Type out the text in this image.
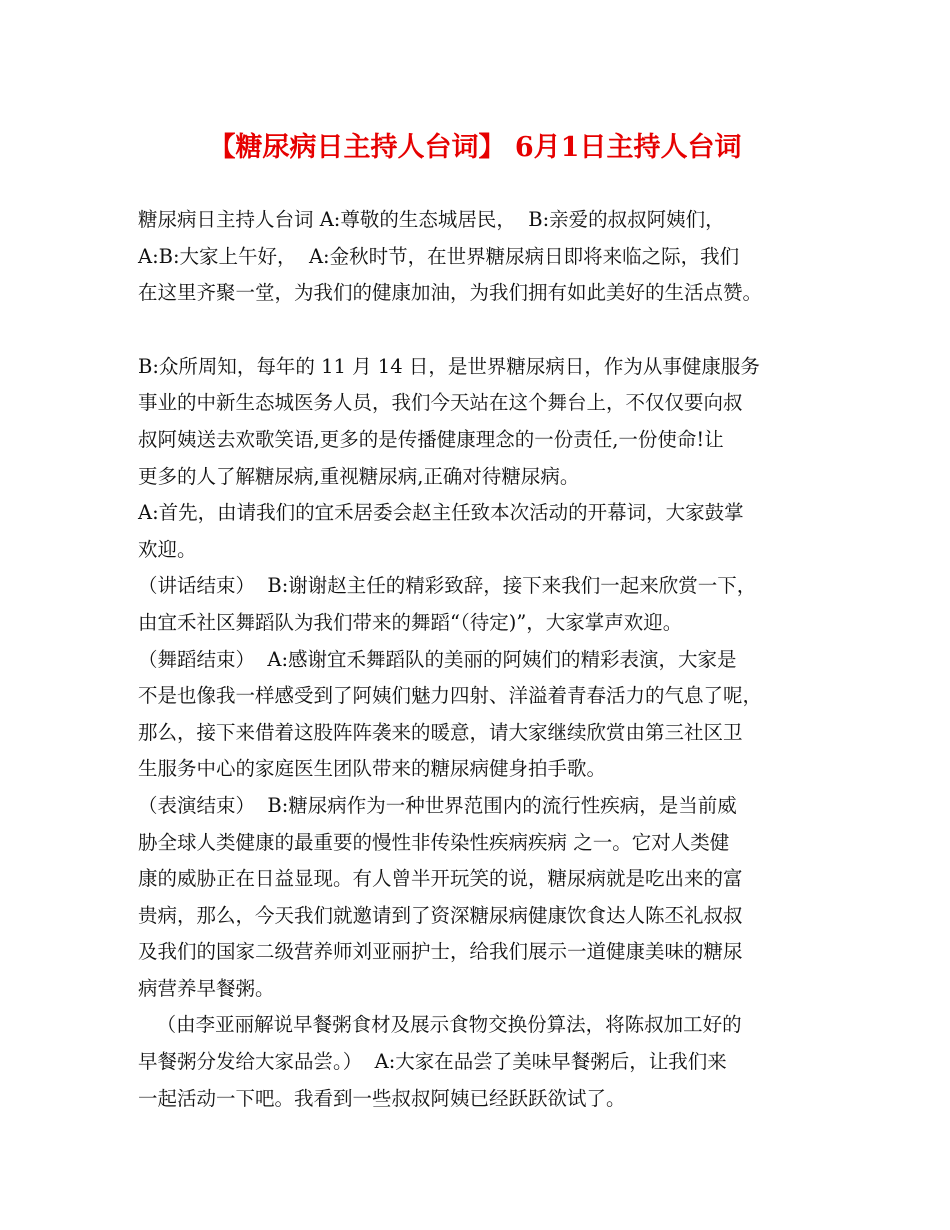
【糖尿病日主持人台词】 6月1日主持人台词
糖尿病日主持人台词 A:尊敬的生态城居民，  B:亲爱的叔叔阿姨们，
A:B:大家上午好，  A:金秋时节，在世界糖尿病日即将来临之际，我们
在这里齐聚一堂，为我们的健康加油，为我们拥有如此美好的生活点赞。
B:众所周知，每年的 11 月 14 日，是世界糖尿病日，作为从事健康服务
事业的中新生态城医务人员，我们今天站在这个舞台上，不仅仅要向叔
叔阿姨送去欢歌笑语,更多的是传播健康理念的一份责任,一份使命!让
更多的人了解糖尿病,重视糖尿病,正确对待糖尿病。
A:首先，由请我们的宜禾居委会赵主任致本次活动的开幕词，大家鼓掌
欢迎。
（讲话结束）  B:谢谢赵主任的精彩致辞，接下来我们一起来欣赏一下，
由宜禾社区舞蹈队为我们带来的舞蹈“（待定)”，大家掌声欢迎。
（舞蹈结束）  A:感谢宜禾舞蹈队的美丽的阿姨们的精彩表演，大家是
不是也像我一样感受到了阿姨们魅力四射、洋溢着青春活力的气息了呢，
那么，接下来借着这股阵阵袭来的暖意，请大家继续欣赏由第三社区卫
生服务中心的家庭医生团队带来的糖尿病健身拍手歌。
（表演结束）  B:糖尿病作为一种世界范围内的流行性疾病，是当前威
胁全球人类健康的最重要的慢性非传染性疾病疾病 之一。它对人类健
康的威胁正在日益显现。有人曾半开玩笑的说，糖尿病就是吃出来的富
贵病，那么，今天我们就邀请到了资深糖尿病健康饮食达人陈丕礼叔叔
及我们的国家二级营养师刘亚丽护士，给我们展示一道健康美味的糖尿
病营养早餐粥。
（由李亚丽解说早餐粥食材及展示食物交换份算法，将陈叔加工好的
早餐粥分发给大家品尝。）  A:大家在品尝了美味早餐粥后，让我们来
一起活动一下吧。我看到一些叔叔阿姨已经跃跃欲试了。
